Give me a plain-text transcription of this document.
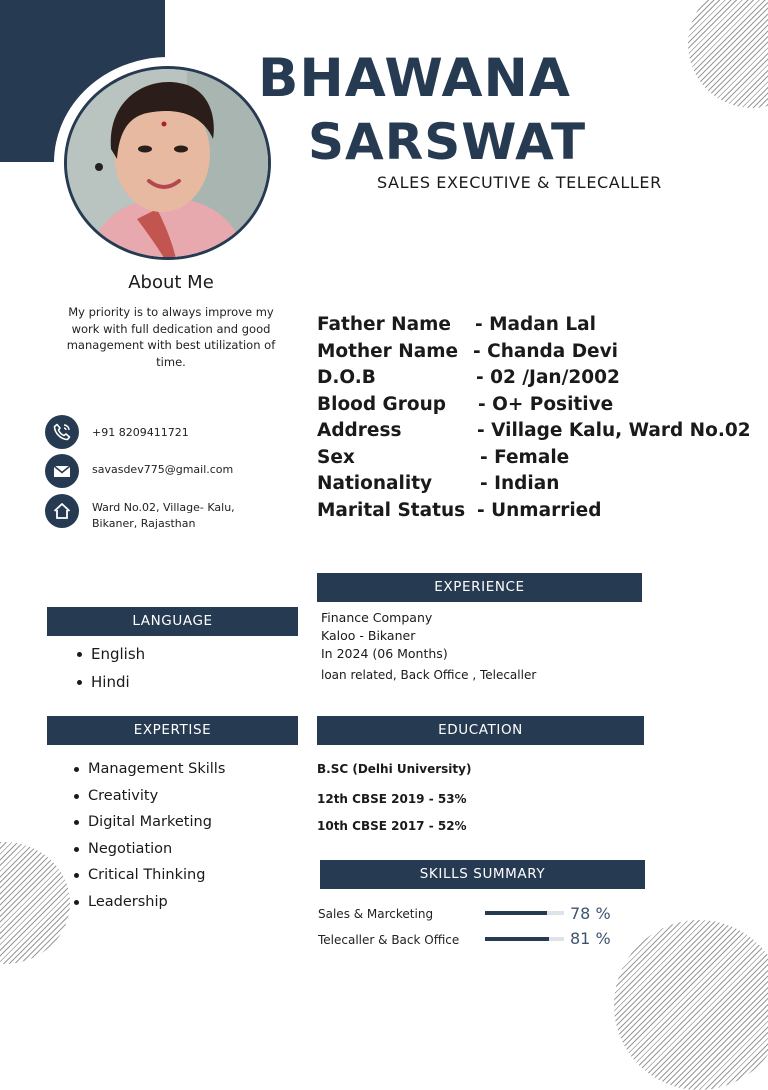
BHAWANA
SARSWAT
SALES EXECUTIVE & TELECALLER
About Me
My priority is to always improve my work with full dedication and good management with best utilization of time.
+91 8209411721
savasdev775@gmail.com
Ward No.02, Village- Kalu,
Bikaner, Rajasthan
Father Name - Madan Lal
Mother Name - Chanda Devi
D.O.B	- 02 /Jan/2002
Blood Group - O+ Positive
Address	- Village Kalu, Ward No.02
Sex	- Female
Nationality	- Indian
Marital Status - Unmarried
EXPERIENCE
Finance Company
Kaloo - Bikaner
In 2024 (06 Months)
loan related, Back Office , Telecaller
LANGUAGE
English
Hindi
EXPERTISE
Management Skills
Creativity
Digital Marketing
Negotiation
Critical Thinking
Leadership
EDUCATION
B.SC (Delhi University)
12th CBSE 2019 - 53%
10th CBSE 2017 - 52%
SKILLS SUMMARY
Sales & Marcketing	78 %
Telecaller & Back Office	81 %
